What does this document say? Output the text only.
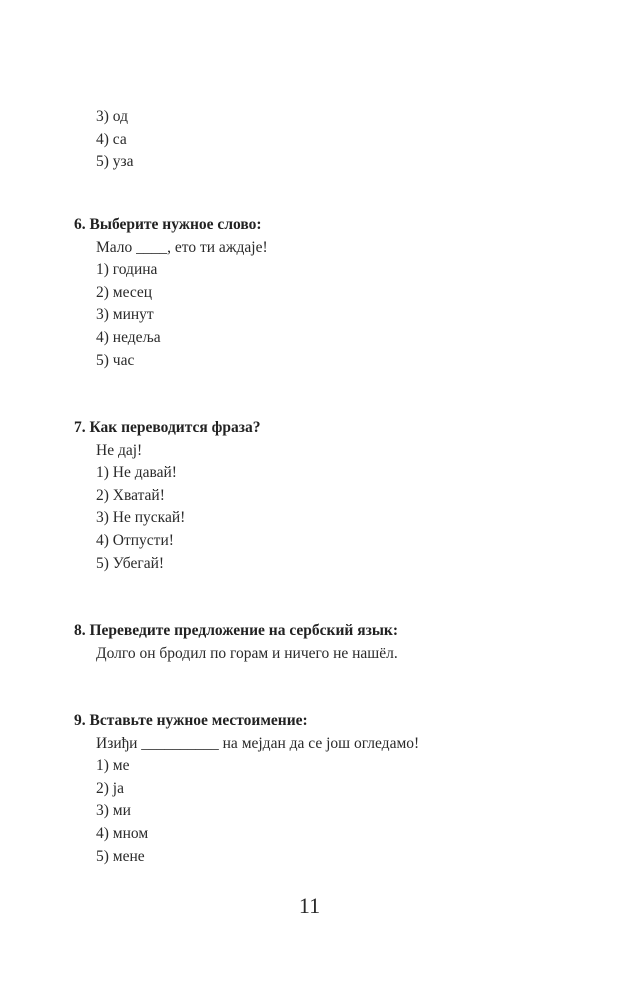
3) од
4) са
5) уза
6. Выберите нужное слово:
Мало ____, ето ти аждаје!
1) година
2) месец
3) минут
4) недеља
5) час
7. Как переводится фраза?
Не дај!
1) Не давай!
2) Хватай!
3) Не пускай!
4) Отпусти!
5) Убегай!
8. Переведите предложение на сербский язык:
Долго он бродил по горам и ничего не нашёл.
9. Вставьте нужное местоимение:
Изиђи __________ на мејдан да се још огледамо!
1) ме
2) ја
3) ми
4) мном
5) мене
11
